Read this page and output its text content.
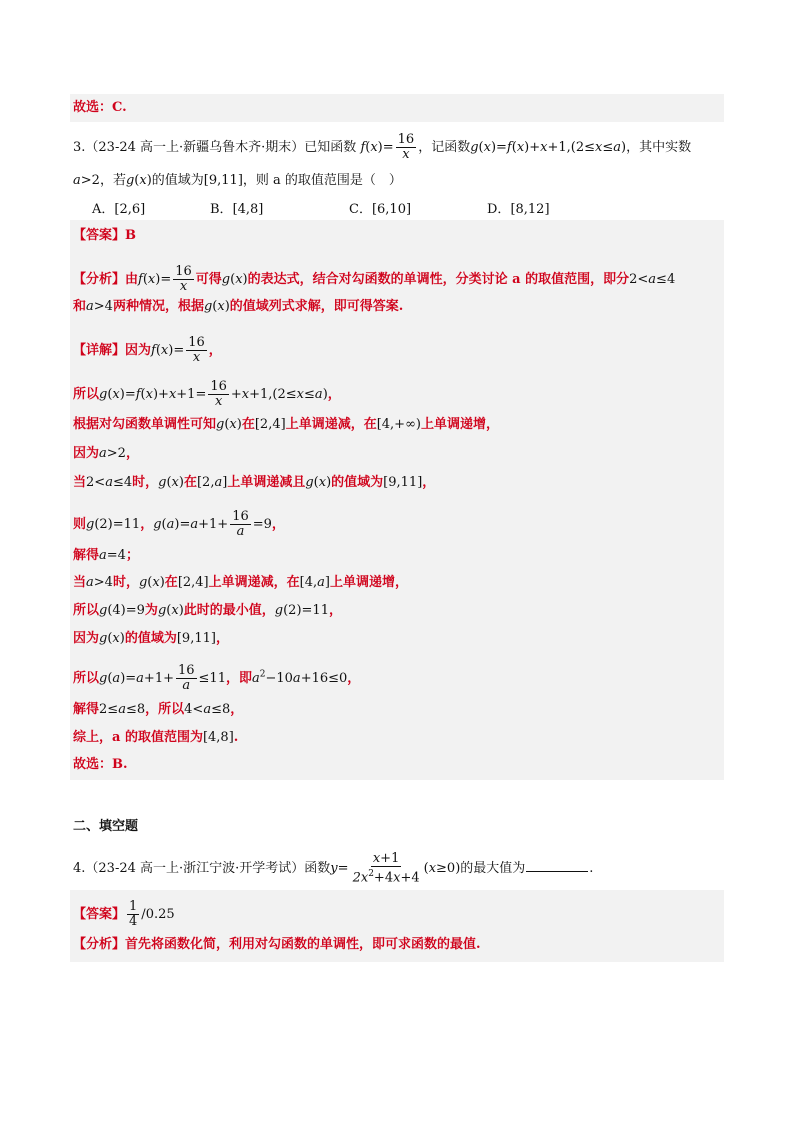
故选：C.
3.（23-24 高一上·新疆乌鲁木齐·期末）已知函数 $f(x)= \frac{16}{x}$ ，记函数g(x)=f(x)+x+1,(2≤x≤a)，其中实数
a>2，若g(x)的值域为[9,11]，则 a 的取值范围是（　）
A．[2,6]	B．[4,8]	C．[6,10]	D．[8,12]
【答案】B
【分析】由$f(x)= \frac{16}{x}$ 可得g(x)的表达式，结合对勾函数的单调性，分类讨论 a 的取值范围，即分2<a≤4
和a>4两种情况，根据g(x)的值域列式求解，即可得答案.
【详解】因为$f(x)= \frac{16}{x}$ ，
所以$g(x)=f(x)+x+1= \frac{16}{x} +x+1,(2\le x\le a)$，
根据对勾函数单调性可知g(x)在[2,4]上单调递减，在[4,+∞)上单调递增，
因为a>2，
当2<a≤4时，g(x)在[2,a]上单调递减且g(x)的值域为[9,11]，
则g(2)=11，$g(a)=a+1+ \frac{16}{a} =9$，
解得a=4；
当a>4时，g(x)在[2,4]上单调递减，在[4,a]上单调递增，
所以g(4)=9为g(x)此时的最小值，g(2)=11，
因为g(x)的值域为[9,11]，
所以$g(a)=a+1+ \frac{16}{a} \le 11$，即$a^2-10a+16\le 0$，
解得2≤a≤8，所以4<a≤8，
综上，a 的取值范围为[4,8].
故选：B.
二、填空题
4.（23-24 高一上·浙江宁波·开学考试）函数$y= \frac{x+1}{2x^2+4x+4} (x\ge 0)$的最大值为	.
【答案】 $\frac{1}{4} /0.25$
【分析】首先将函数化简，利用对勾函数的单调性，即可求函数的最值.
